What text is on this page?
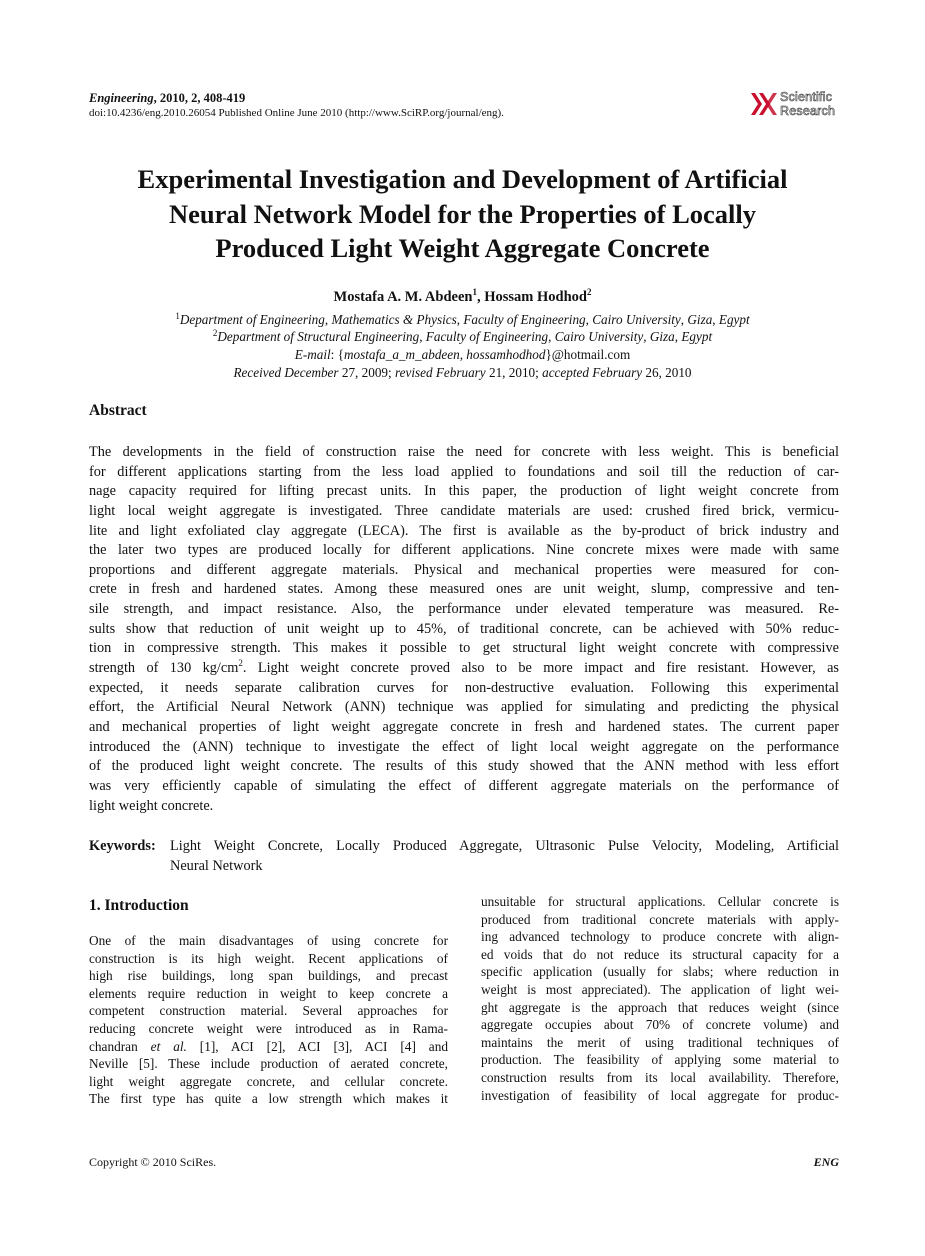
Engineering, 2010, 2, 408-419
doi:10.4236/eng.2010.26054 Published Online June 2010 (http://www.SciRP.org/journal/eng).
Scientific
Research
Experimental Investigation and Development of Artificial
Neural Network Model for the Properties of Locally
Produced Light Weight Aggregate Concrete
Mostafa A. M. Abdeen$^1$, Hossam Hodhod$^2$
$^1$Department of Engineering, Mathematics & Physics, Faculty of Engineering, Cairo University, Giza, Egypt
$^2$Department of Structural Engineering, Faculty of Engineering, Cairo University, Giza, Egypt
E-mail: {mostafa_a_m_abdeen, hossamhodhod}@hotmail.com
Received December 27, 2009; revised February 21, 2010; accepted February 26, 2010
Abstract
The developments in the field of construction raise the need for concrete with less weight. This is beneficial
for different applications starting from the less load applied to foundations and soil till the reduction of car-
nage capacity required for lifting precast units. In this paper, the production of light weight concrete from
light local weight aggregate is investigated. Three candidate materials are used: crushed fired brick, vermicu-
lite and light exfoliated clay aggregate (LECA). The first is available as the by-product of brick industry and
the later two types are produced locally for different applications. Nine concrete mixes were made with same
proportions and different aggregate materials. Physical and mechanical properties were measured for con-
crete in fresh and hardened states. Among these measured ones are unit weight, slump, compressive and ten-
sile strength, and impact resistance. Also, the performance under elevated temperature was measured. Re-
sults show that reduction of unit weight up to 45%, of traditional concrete, can be achieved with 50% reduc-
tion in compressive strength. This makes it possible to get structural light weight concrete with compressive
strength of 130 $kg/cm^2$. Light weight concrete proved also to be more impact and fire resistant. However, as
expected, it needs separate calibration curves for non-destructive evaluation. Following this experimental
effort, the Artificial Neural Network (ANN) technique was applied for simulating and predicting the physical
and mechanical properties of light weight aggregate concrete in fresh and hardened states. The current paper
introduced the (ANN) technique to investigate the effect of light local weight aggregate on the performance
of the produced light weight concrete. The results of this study showed that the ANN method with less effort
was very efficiently capable of simulating the effect of different aggregate materials on the performance of
light weight concrete.
Keywords: Light Weight Concrete, Locally Produced Aggregate, Ultrasonic Pulse Velocity, Modeling, Artificial
Neural Network
1. Introduction
One of the main disadvantages of using concrete for
construction is its high weight. Recent applications of
high rise buildings, long span buildings, and precast
elements require reduction in weight to keep concrete a
competent construction material. Several approaches for
reducing concrete weight were introduced as in Rama-
chandran et al. [1], ACI [2], ACI [3], ACI [4] and
Neville [5]. These include production of aerated concrete,
light weight aggregate concrete, and cellular concrete.
The first type has quite a low strength which makes it
unsuitable for structural applications. Cellular concrete is
produced from traditional concrete materials with apply-
ing advanced technology to produce concrete with align-
ed voids that do not reduce its structural capacity for a
specific application (usually for slabs; where reduction in
weight is most appreciated). The application of light wei-
ght aggregate is the approach that reduces weight (since
aggregate occupies about 70% of concrete volume) and
maintains the merit of using traditional techniques of
production. The feasibility of applying some material to
construction results from its local availability. Therefore,
investigation of feasibility of local aggregate for produc-
Copyright © 2010 SciRes.	ENG
